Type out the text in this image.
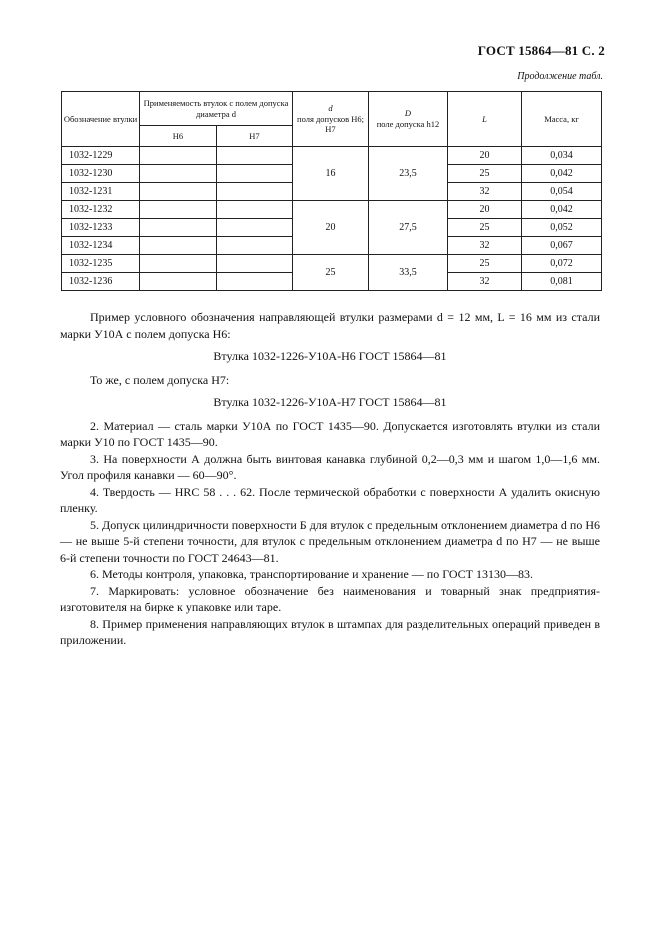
ГОСТ 15864—81 С. 2
Продолжение табл.
Обозначение втулки	Применяемость втулок с полем допуска диаметра d		d
поля допусков Н6; Н7	D
поле допуска h12	L	Масса, кг
	Н6	Н7				
1032-1229			16	23,5	20	0,034
1032-1230					25	0,042
1032-1231					32	0,054
1032-1232			20	27,5	20	0,042
1032-1233					25	0,052
1032-1234					32	0,067
1032-1235			25	33,5	25	0,072
1032-1236					32	0,081

Пример условного обозначения направляющей втулки размерами d = 12 мм, L = 16 мм из стали марки У10А с полем допуска Н6:

Втулка 1032-1226-У10А-Н6 ГОСТ 15864—81

То же, с полем допуска Н7:

Втулка 1032-1226-У10А-Н7 ГОСТ 15864—81

2. Материал — сталь марки У10А по ГОСТ 1435—90. Допускается изготовлять втулки из стали марки У10 по ГОСТ 1435—90.

3. На поверхности А должна быть винтовая канавка глубиной 0,2—0,3 мм и шагом 1,0—1,6 мм. Угол профиля канавки — 60—90°.

4. Твердость — HRC 58 . . . 62. После термической обработки с поверхности А удалить окисную пленку.

5. Допуск цилиндричности поверхности Б для втулок с предельным отклонением диаметра d по Н6 — не выше 5-й степени точности, для втулок с предельным отклонением диаметра d по Н7 — не выше 6-й степени точности по ГОСТ 24643—81.

6. Методы контроля, упаковка, транспортирование и хранение — по ГОСТ 13130—83.

7. Маркировать: условное обозначение без наименования и товарный знак предприятия-изготовителя на бирке к упаковке или таре.

8. Пример применения направляющих втулок в штампах для разделительных операций приведен в приложении.
